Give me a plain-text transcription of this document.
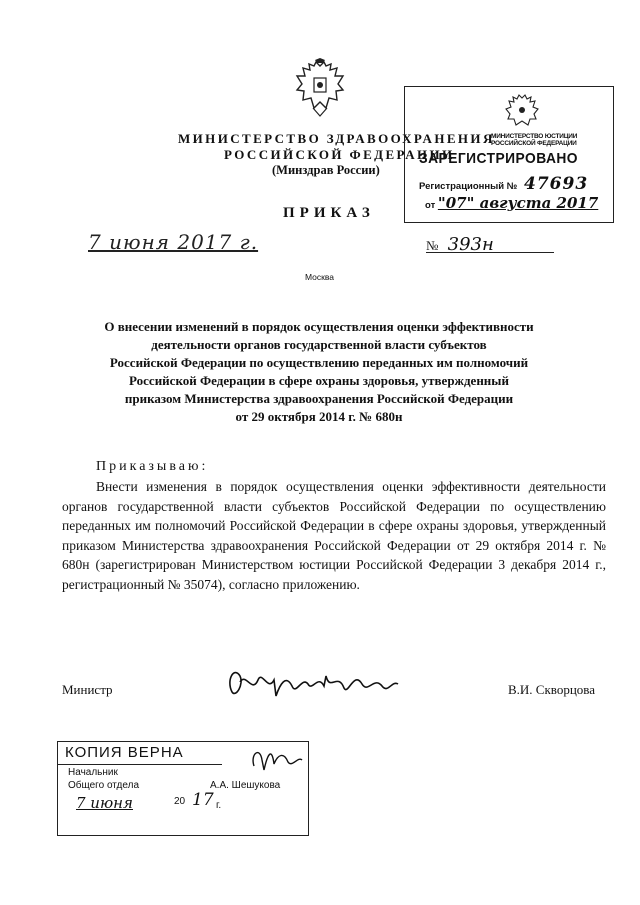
МИНИСТЕРСТВО ЗДРАВООХРАНЕНИЯ
РОССИЙСКОЙ ФЕДЕРАЦИИ
(Минздрав России)
ПРИКАЗ
7 июня 2017 г.	№ 393н
Москва
МИНИСТЕРСТВО ЮСТИЦИИ РОССИЙСКОЙ ФЕДЕРАЦИИ
ЗАРЕГИСТРИРОВАНО
Регистрационный № 47693
от "07" августа 2017
О внесении изменений в порядок осуществления оценки эффективности
деятельности органов государственной власти субъектов
Российской Федерации по осуществлению переданных им полномочий
Российской Федерации в сфере охраны здоровья, утвержденный
приказом Министерства здравоохранения Российской Федерации
от 29 октября 2014 г. № 680н
Приказываю:
Внести изменения в порядок осуществления оценки эффективности деятельности органов государственной власти субъектов Российской Федерации по осуществлению переданных им полномочий Российской Федерации в сфере охраны здоровья, утвержденный приказом Министерства здравоохранения Российской Федерации от 29 октября 2014 г. № 680н (зарегистрирован Министерством юстиции Российской Федерации 3 декабря 2014 г., регистрационный № 35074), согласно приложению.
Министр	В.И. Скворцова
КОПИЯ ВЕРНА
Начальник
Общего отдела	А.А. Шешукова
7 июня	20 17 г.
